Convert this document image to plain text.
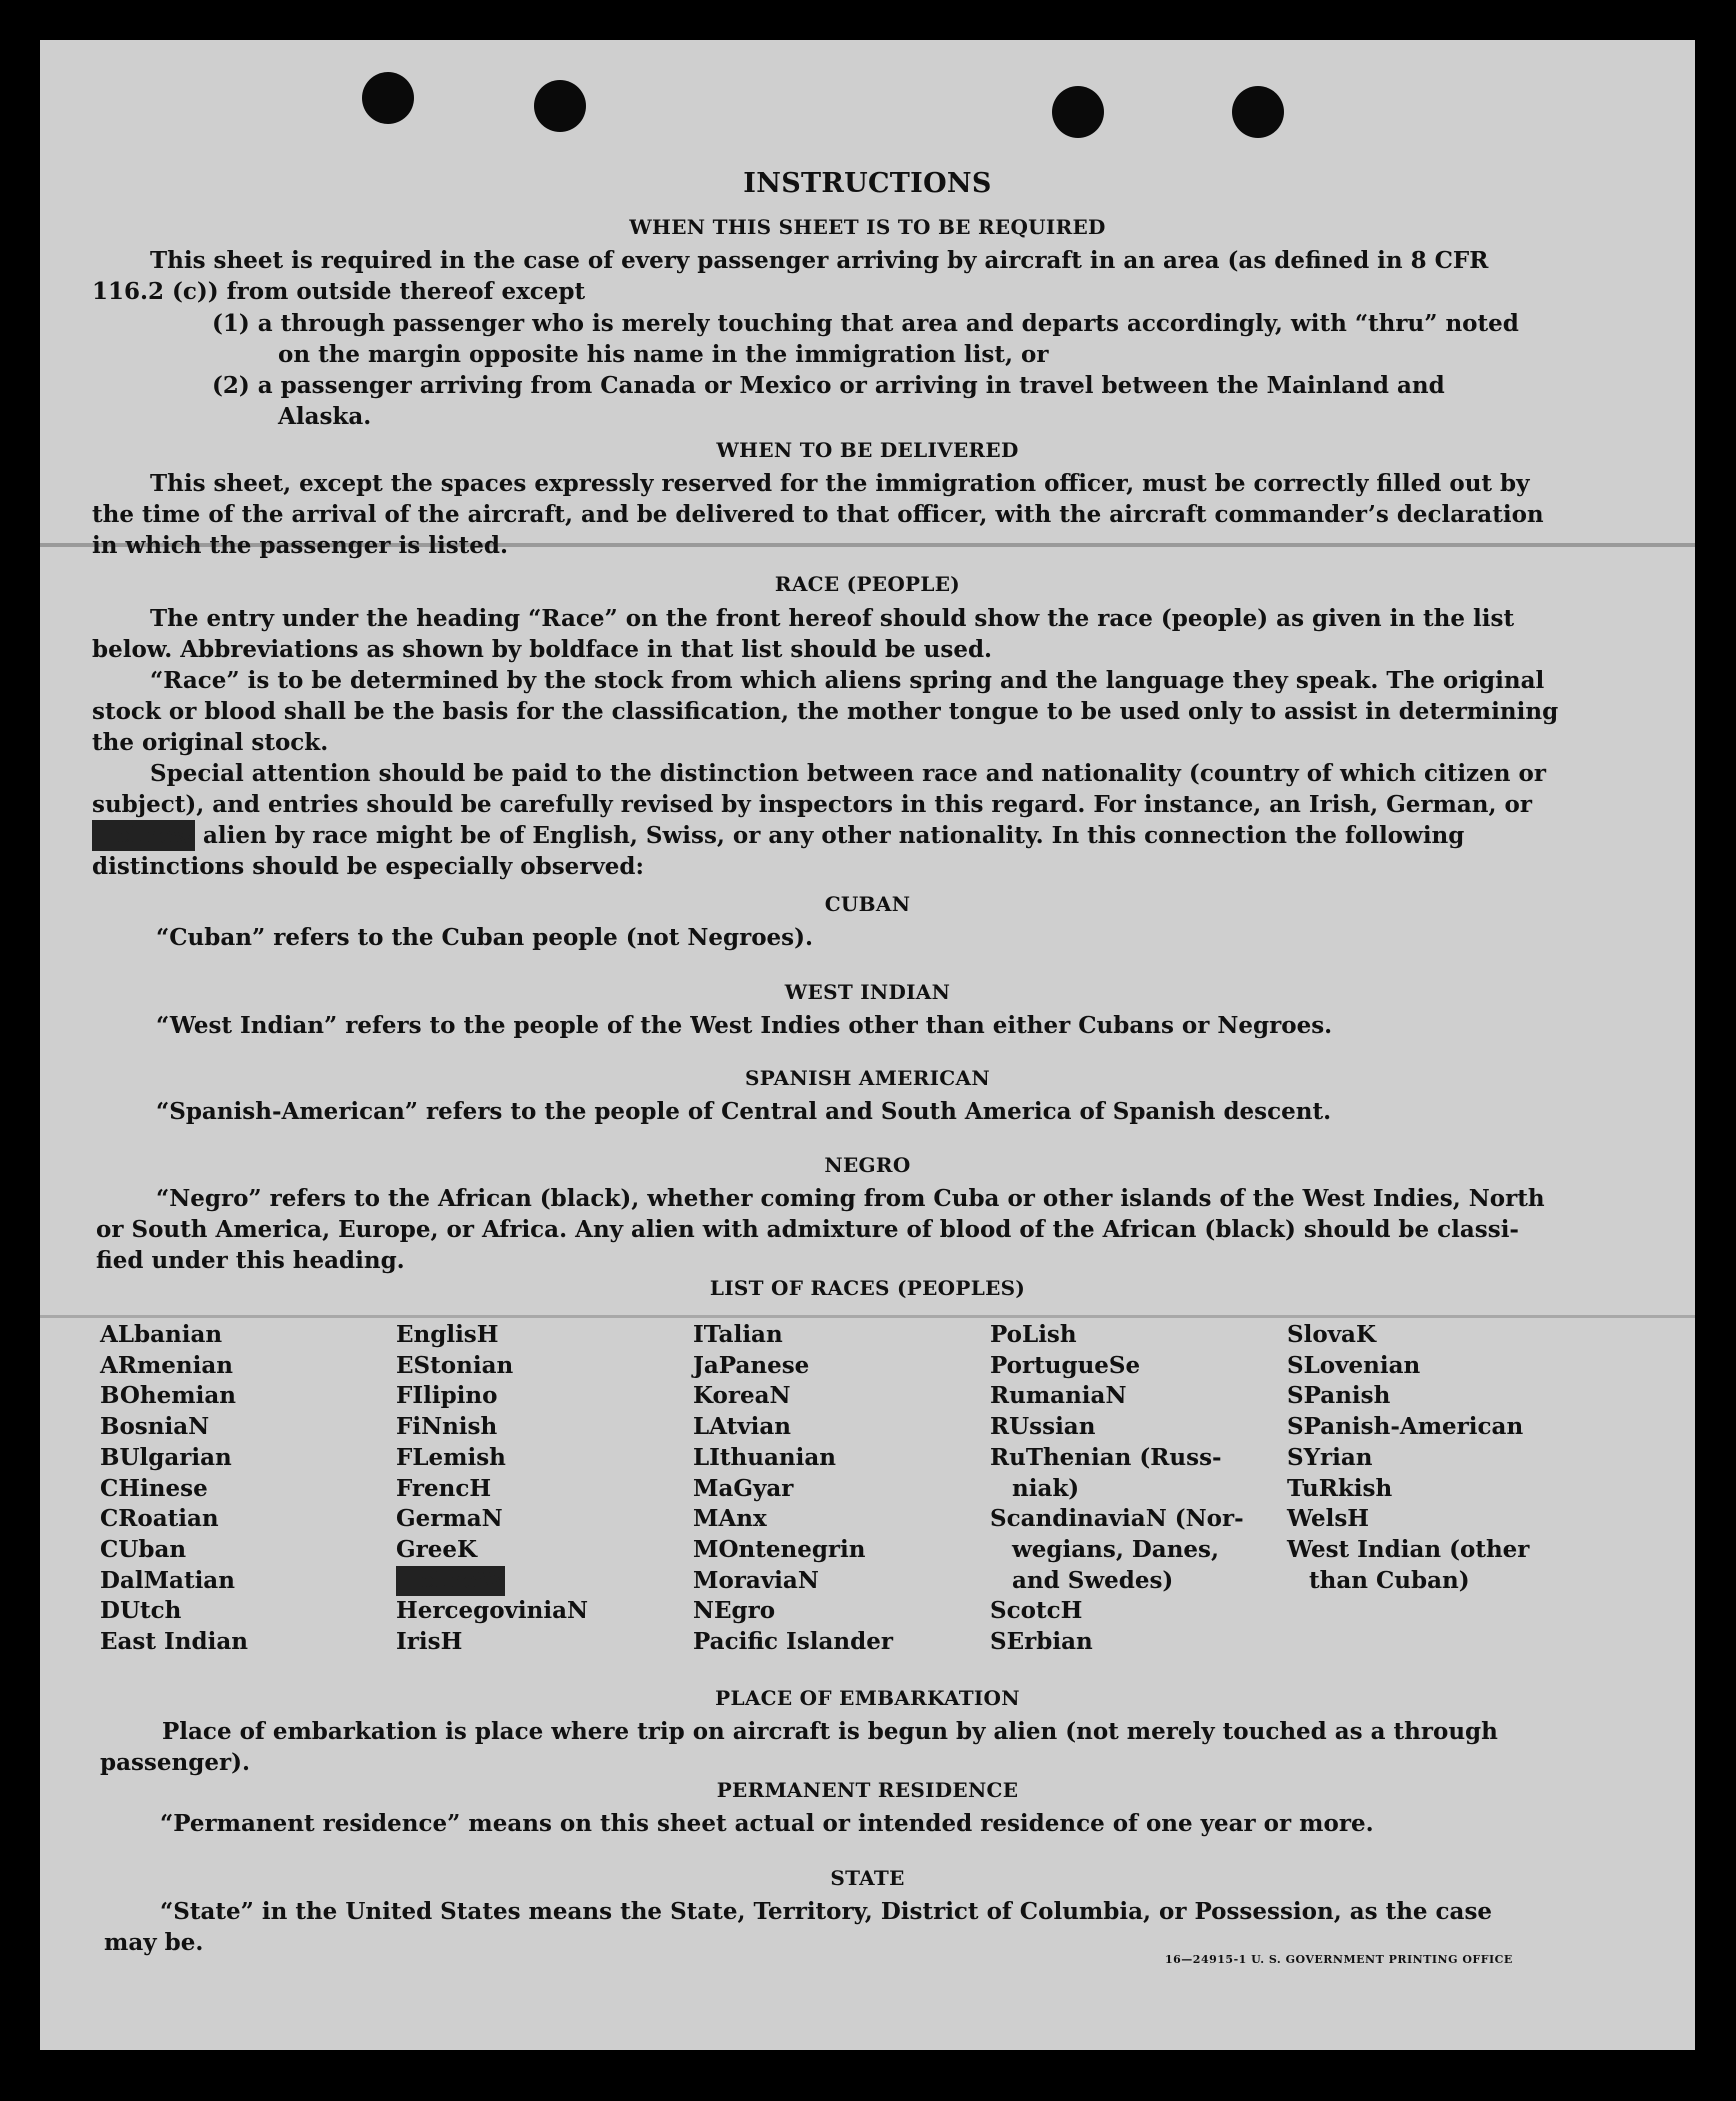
INSTRUCTIONS
WHEN THIS SHEET IS TO BE REQUIRED
This sheet is required in the case of every passenger arriving by aircraft in an area (as defined in 8 CFR
116.2 (c)) from outside thereof except
(1) a through passenger who is merely touching that area and departs accordingly, with “thru” noted
on the margin opposite his name in the immigration list, or
(2) a passenger arriving from Canada or Mexico or arriving in travel between the Mainland and
Alaska.
WHEN TO BE DELIVERED
This sheet, except the spaces expressly reserved for the immigration officer, must be correctly filled out by
the time of the arrival of the aircraft, and be delivered to that officer, with the aircraft commander’s declaration
in which the passenger is listed.
RACE (PEOPLE)
The entry under the heading “Race” on the front hereof should show the race (people) as given in the list
below. Abbreviations as shown by boldface in that list should be used.
“Race” is to be determined by the stock from which aliens spring and the language they speak. The original
stock or blood shall be the basis for the classification, the mother tongue to be used only to assist in determining
the original stock.
Special attention should be paid to the distinction between race and nationality (country of which citizen or
subject), and entries should be carefully revised by inspectors in this regard. For instance, an Irish, German, or
Hebrew alien by race might be of English, Swiss, or any other nationality. In this connection the following
distinctions should be especially observed:
CUBAN
“Cuban” refers to the Cuban people (not Negroes).
WEST INDIAN
“West Indian” refers to the people of the West Indies other than either Cubans or Negroes.
SPANISH AMERICAN
“Spanish-American” refers to the people of Central and South America of Spanish descent.
NEGRO
“Negro” refers to the African (black), whether coming from Cuba or other islands of the West Indies, North
or South America, Europe, or Africa. Any alien with admixture of blood of the African (black) should be classi-
fied under this heading.
LIST OF RACES (PEOPLES)
ALbanian
ARmenian
BOhemian
BosniaN
BUlgarian
CHinese
CRoatian
CUban
DalMatian
DUtch
East Indian
EnglisH
EStonian
FIlipino
FiNnish
FLemish
FrencH
GermaN
GreeK
HebreW
HercegoviniaN
IrisH
ITalian
JaPanese
KoreaN
LAtvian
LIthuanian
MaGyar
MAnx
MOntenegrin
MoraviaN
NEgro
Pacific Islander
PoLish
PortugueSe
RumaniaN
RUssian
RuThenian (Russ-
niak)
ScandinaviaN (Nor-
wegians, Danes,
and Swedes)
ScotcH
SErbian
SlovaK
SLovenian
SPanish
SPanish-American
SYrian
TuRkish
WelsH
West Indian (other
than Cuban)
PLACE OF EMBARKATION
Place of embarkation is place where trip on aircraft is begun by alien (not merely touched as a through
passenger).
PERMANENT RESIDENCE
“Permanent residence” means on this sheet actual or intended residence of one year or more.
STATE
“State” in the United States means the State, Territory, District of Columbia, or Possession, as the case
may be.
16—24915-1 U. S. GOVERNMENT PRINTING OFFICE
